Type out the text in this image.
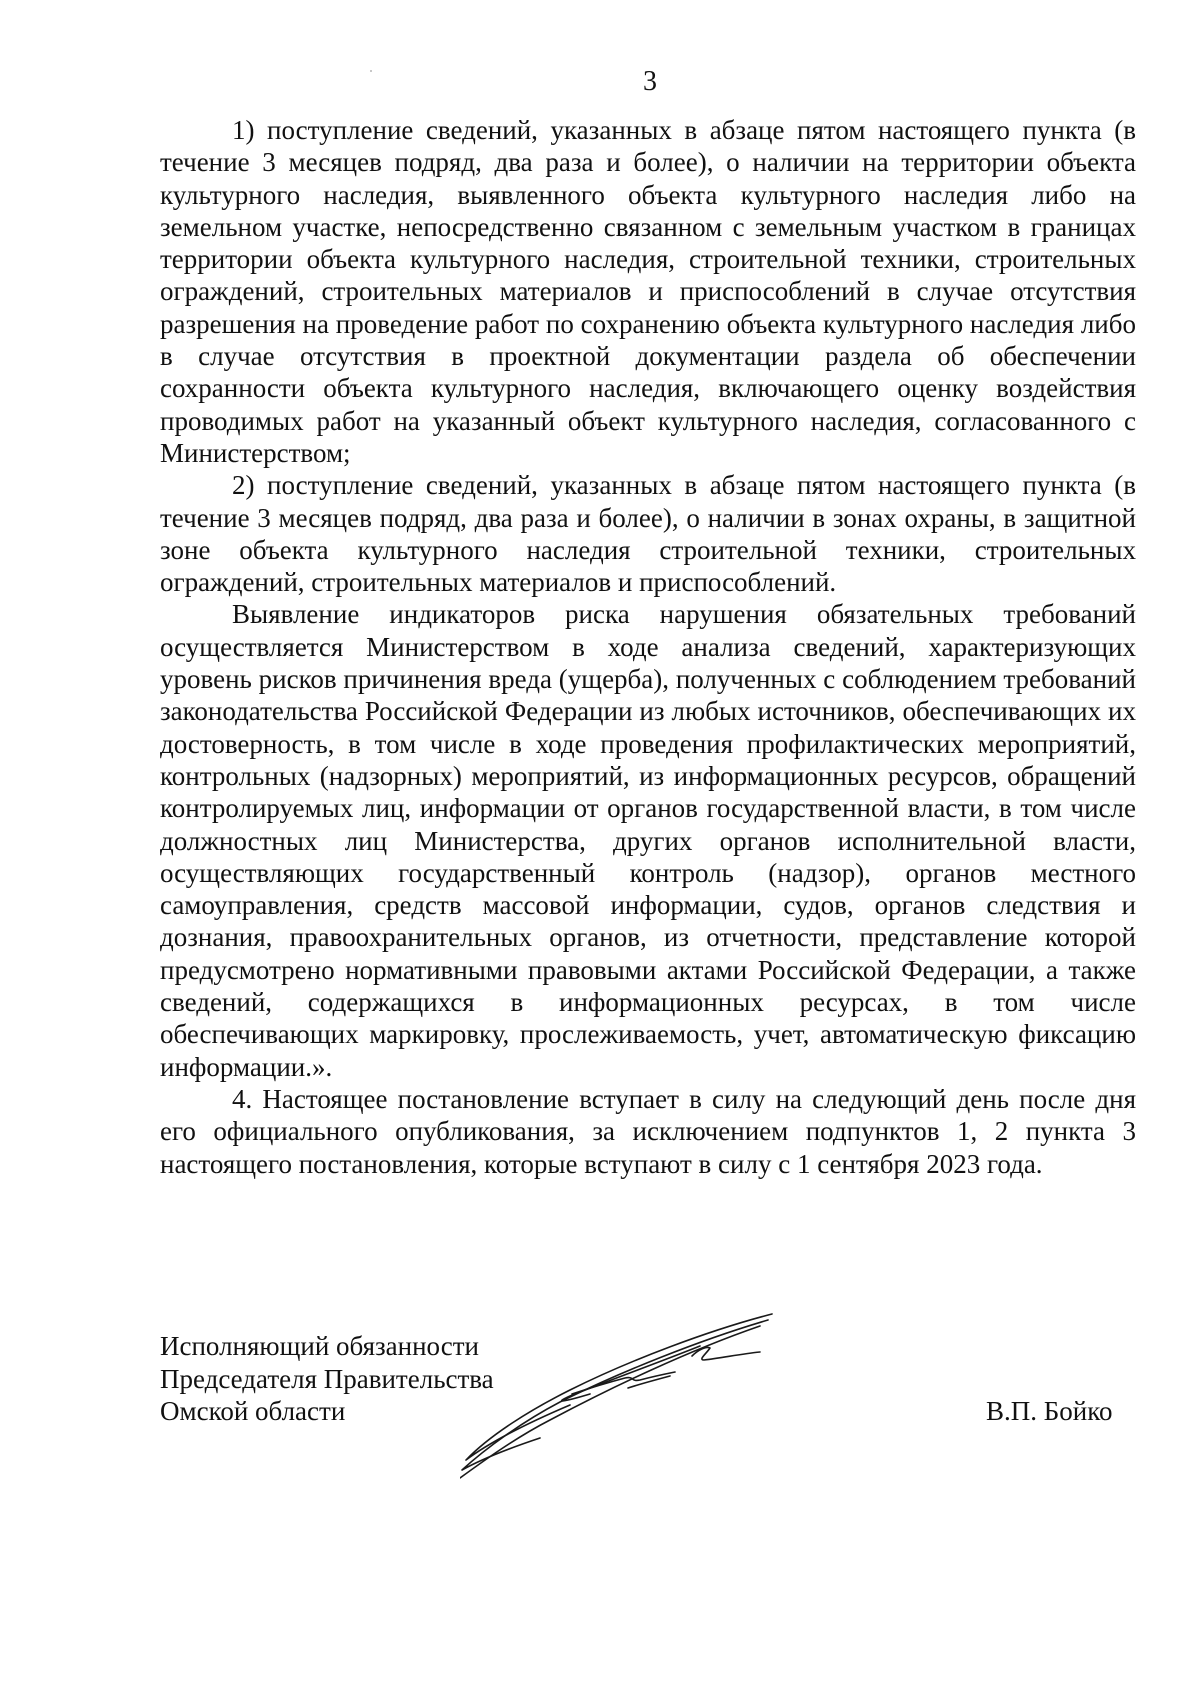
3

1) поступление сведений, указанных в абзаце пятом настоящего пункта (в течение 3 месяцев подряд, два раза и более), о наличии на территории объекта культурного наследия, выявленного объекта культурного наследия либо на земельном участке, непосредственно связанном с земельным участком в границах территории объекта культурного наследия, строительной техники, строительных ограждений, строительных материалов и приспособлений в случае отсутствия разрешения на проведение работ по сохранению объекта культурного наследия либо в случае отсутствия в проектной документации раздела об обеспечении сохранности объекта культурного наследия, включающего оценку воздействия проводимых работ на указанный объект культурного наследия, согласованного с Министерством;

2) поступление сведений, указанных в абзаце пятом настоящего пункта (в течение 3 месяцев подряд, два раза и более), о наличии в зонах охраны, в защитной зоне объекта культурного наследия строительной техники, строительных ограждений, строительных материалов и приспособлений.

Выявление индикаторов риска нарушения обязательных требований осуществляется Министерством в ходе анализа сведений, характеризующих уровень рисков причинения вреда (ущерба), полученных с соблюдением требований законодательства Российской Федерации из любых источников, обеспечивающих их достоверность, в том числе в ходе проведения профилактических мероприятий, контрольных (надзорных) мероприятий, из информационных ресурсов, обращений контролируемых лиц, информации от органов государственной власти, в том числе должностных лиц Министерства, других органов исполнительной власти, осуществляющих государственный контроль (надзор), органов местного самоуправления, средств массовой информации, судов, органов следствия и дознания, правоохранительных органов, из отчетности, представление которой предусмотрено нормативными правовыми актами Российской Федерации, а также сведений, содержащихся в информационных ресурсах, в том числе обеспечивающих маркировку, прослеживаемость, учет, автоматическую фиксацию информации.».

4. Настоящее постановление вступает в силу на следующий день после дня его официального опубликования, за исключением подпунктов 1, 2 пункта 3 настоящего постановления, которые вступают в силу с 1 сентября 2023 года.

Исполняющий обязанности
Председателя Правительства
Омской области	В.П. Бойко
